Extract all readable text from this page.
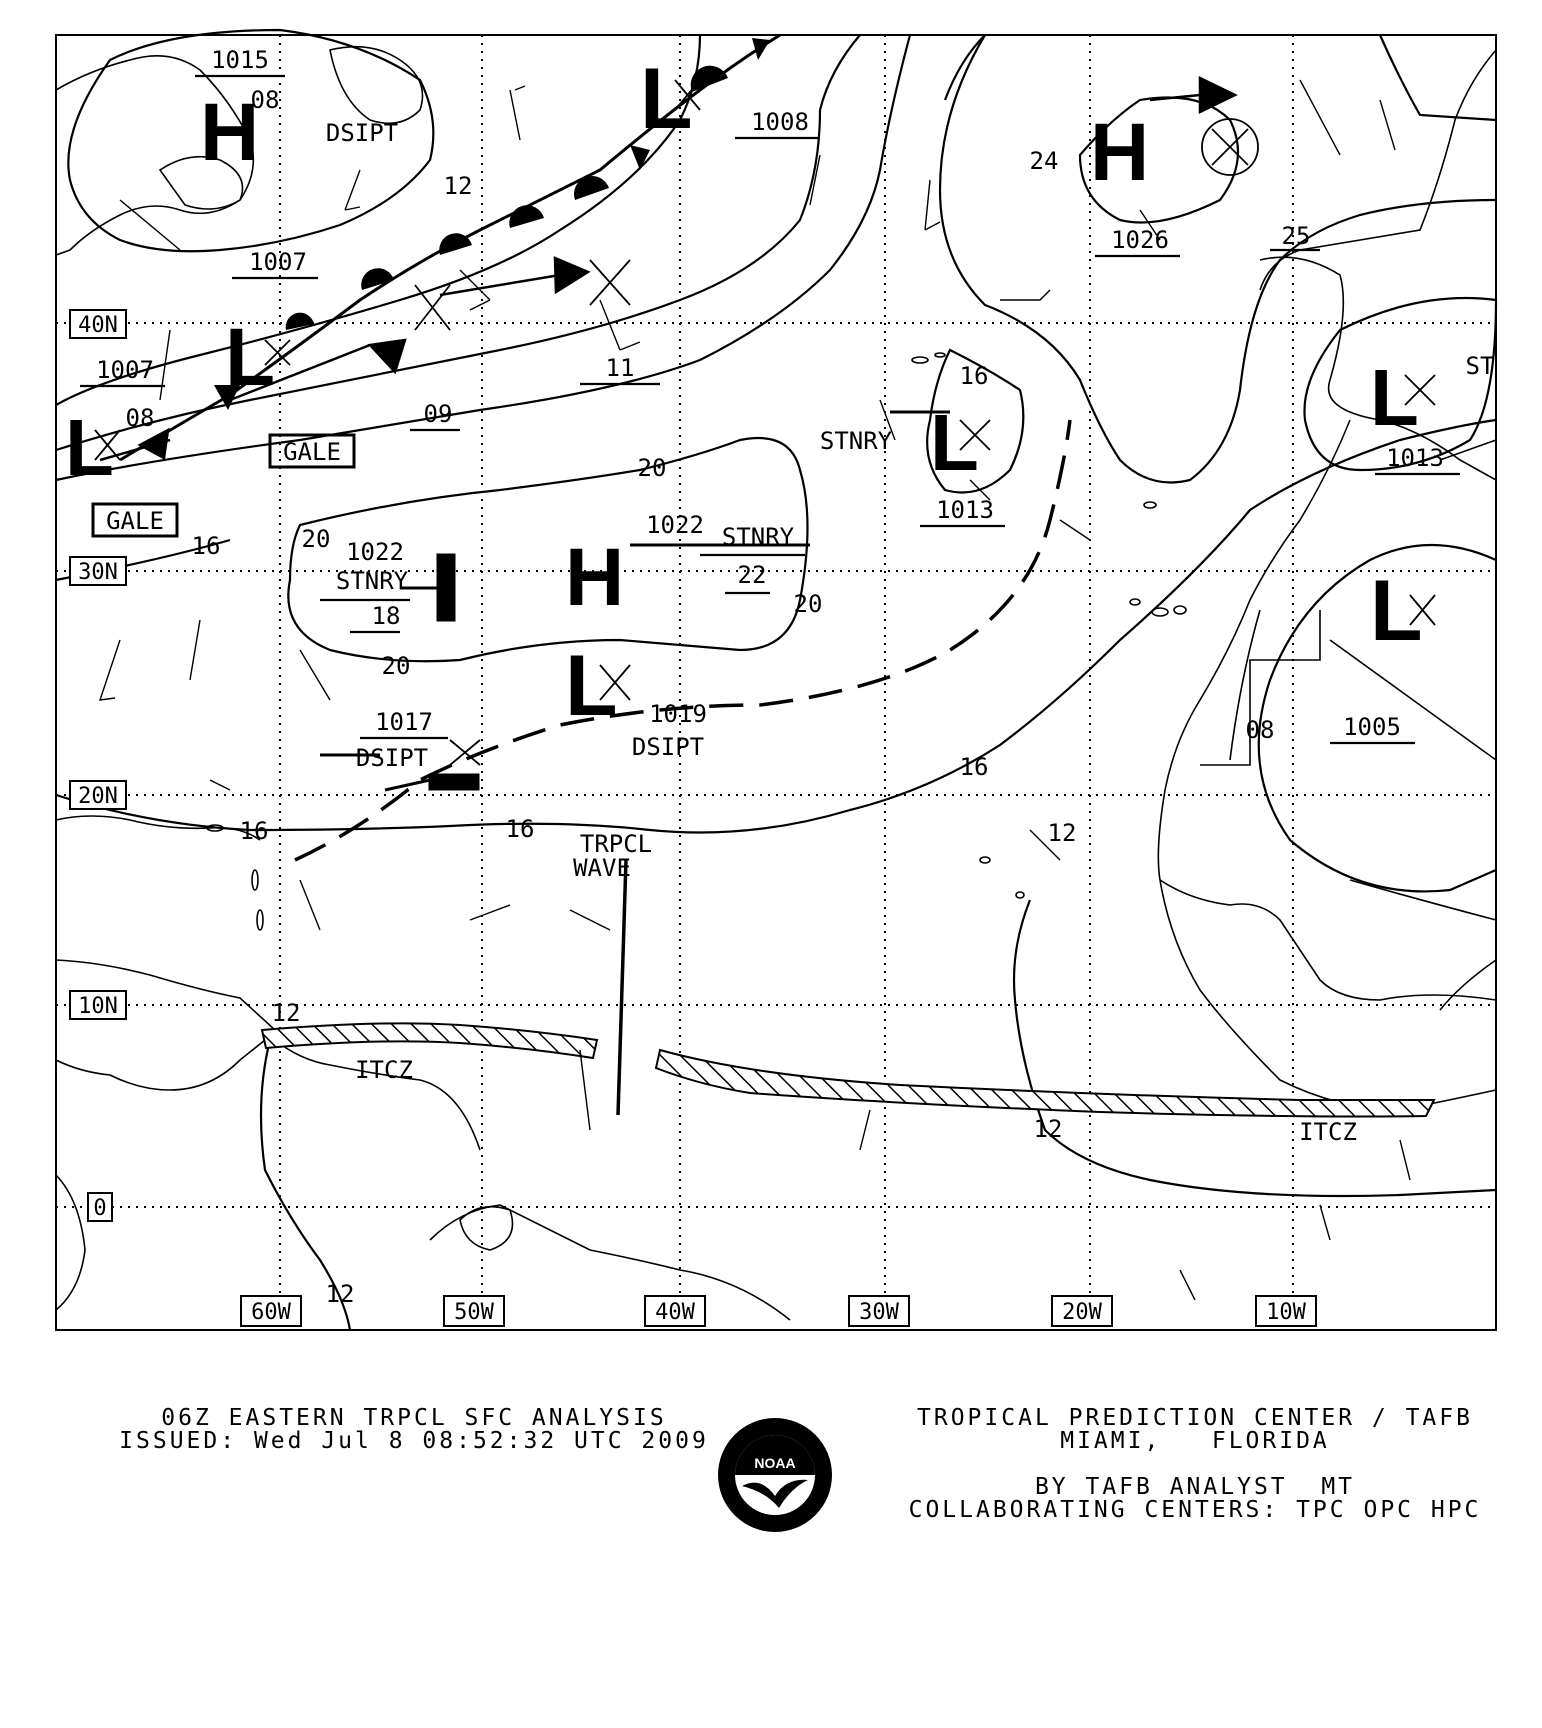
H	L
H
L
L	L
L
H
L
L
1015
1008
1026
08
1007
1013
1013
1022
1022
1019	1005
1007
12
08
11
09
20
20
20
20
16
16	16
16
16
12
12
12
12
24
25
08
1017
DSIPT
DSIPT	DSIPT
STNRY
STNRY
STNRY
ST
22
18
ITCZ
ITCZ
TRPCL
WAVE
GALE
GALE
40N
30N
20N
10N
0
60W	50W	40W	30W	20W	10W
06Z EASTERN TRPCL SFC ANALYSIS
ISSUED: Wed Jul 8 08:52:32 UTC 2009
TROPICAL PREDICTION CENTER / TAFB
MIAMI,   FLORIDA

BY TAFB ANALYST  MT
COLLABORATING CENTERS: TPC OPC HPC
NOAA
